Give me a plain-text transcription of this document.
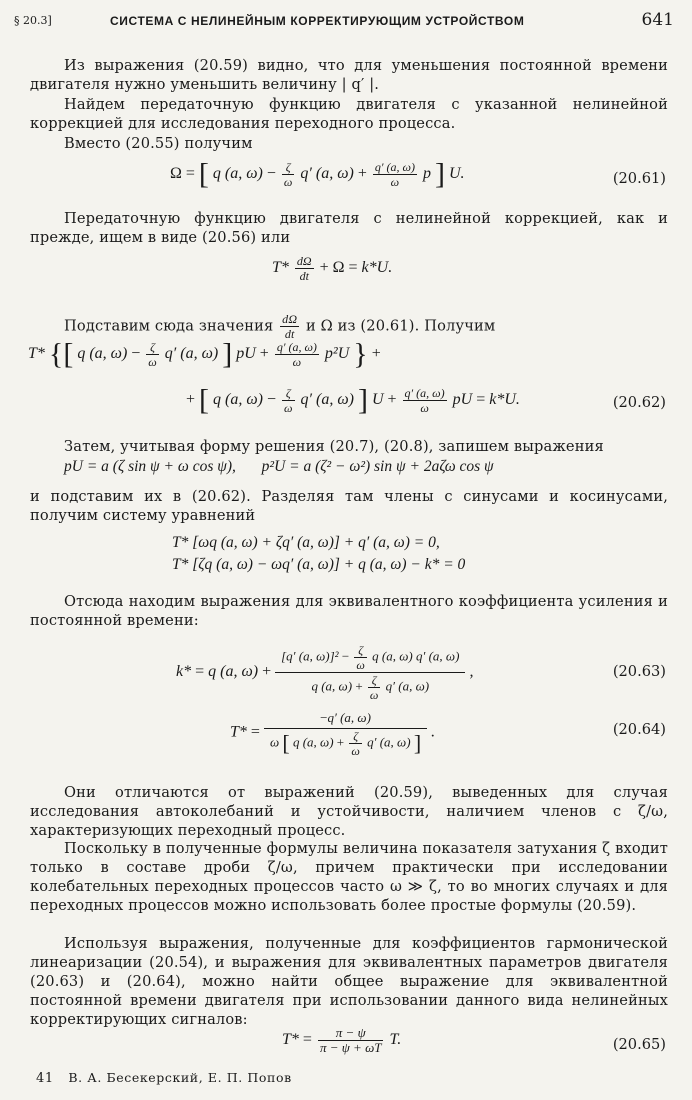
§ 20.3]	СИСТЕМА С НЕЛИНЕЙНЫМ КОРРЕКТИРУЮЩИМ УСТРОЙСТВОМ	641

Из выражения (20.59) видно, что для уменьшения постоянной времени двигателя нужно уменьшить величину | q′ |.

Найдем передаточную функцию двигателя с указанной нелинейной коррекцией для исследования переходного процесса.

Вместо (20.55) получим

Ω = [ q (a, $\omega) - \frac{\zeta}{\omega} q'$ (a, $\omega) + \frac{q' (a, \omega)}{\omega}$ p ] U.	(20.61)

Передаточную функцию двигателя с нелинейной коррекцией, как и прежде, ищем в виде (20.56) или

$T* \frac{d\Omega}{dt} + \Omega = k*U$.
Подставим сюда значения $\frac{d\Omega}{dt}$ и Ω из (20.61). Получим
T* {[ q (a, $\omega) - \frac{\zeta}{\omega} q'$ (a, ω) ] pU + $\frac{q' (a, \omega)}{\omega} p^2U$ } +
+ [ q (a, $\omega) - \frac{\zeta}{\omega} q'$ (a, ω) ] $U + \frac{q' (a, \omega)}{\omega}$ pU = k*U.	(20.62)

Затем, учитывая форму решения (20.7), (20.8), запишем выражения

pU = a (ζ sin ψ + ω cos ψ), p²U = a (ζ² − ω²) sin ψ + 2aζω cos ψ

и подставим их в (20.62). Разделяя там члены с синусами и косинусами, получим систему уравнений

T* [ωq (a, ω) + ζq′ (a, ω)] + q′ (a, ω) = 0,
T* [ζq (a, ω) − ωq′ (a, ω)] + q (a, ω) − k* = 0

Отсюда находим выражения для эквивалентного коэффициента усиления и постоянной времени:

k* = q (a, $\omega) + \frac{[q' (a, \omega)]^2 - \frac{\zeta}{\omega} q (a, \omega) q' (a, \omega)}{q (a, \omega) + \frac{\zeta}{\omega} q' (a, \omega)}$ ,	(20.63)
$T* = \frac{-q' (a, \omega)}{\omega [ q (a, \omega) + \frac{\zeta}{\omega} q' (a, \omega) ]}$ .	(20.64)

Они отличаются от выражений (20.59), выведенных для случая исследования автоколебаний и устойчивости, наличием членов с ζ/ω, характеризующих переходный процесс.

Поскольку в полученные формулы величина показателя затухания ζ входит только в составе дроби ζ/ω, причем практически при исследовании колебательных переходных процессов часто ω ≫ ζ, то во многих случаях и для переходных процессов можно использовать более простые формулы (20.59).

Используя выражения, полученные для коэффициентов гармонической линеаризации (20.54), и выражения для эквивалентных параметров двигателя (20.63) и (20.64), можно найти общее выражение для эквивалентной постоянной времени двигателя при использовании данного вида нелинейных корректирующих сигналов:

$T* = \frac{\pi - \psi}{\pi - \psi + \omega T} T$.	(20.65)
41 В. А. Бесекерский, Е. П. Попов
